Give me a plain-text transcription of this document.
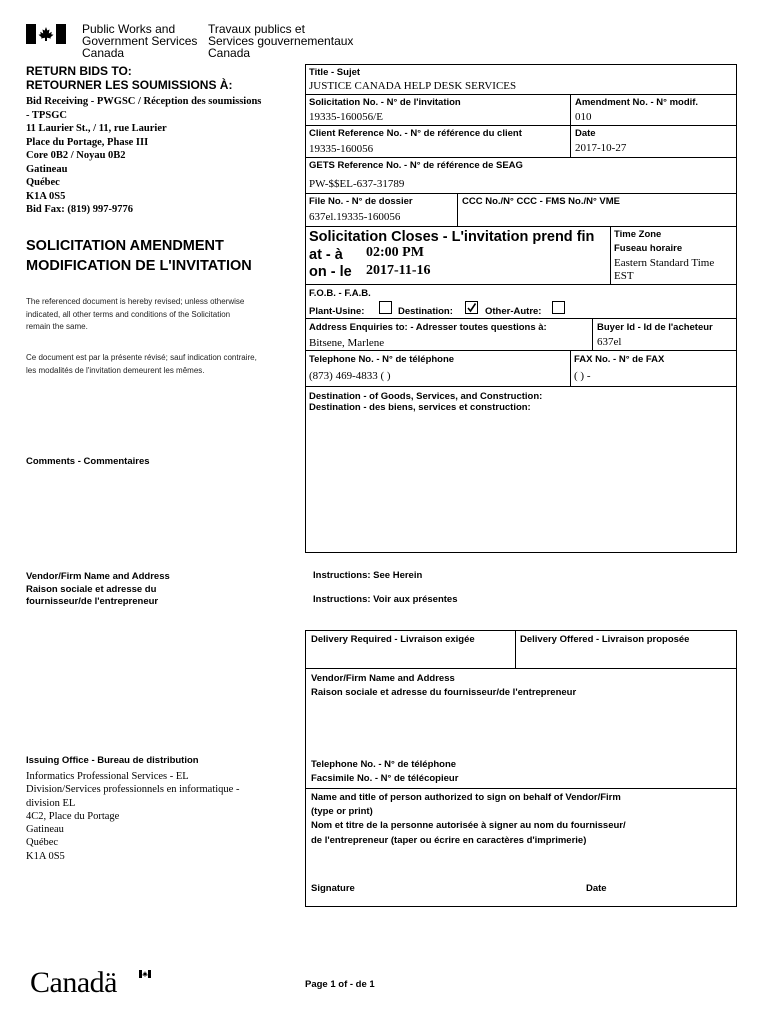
Public Works and
Government Services
Canada
Travaux publics et
Services gouvernementaux
Canada
RETURN BIDS TO:
RETOURNER LES SOUMISSIONS À:
Bid Receiving - PWGSC / Réception des soumissions
- TPSGC
11 Laurier St., / 11, rue Laurier
Place du Portage, Phase III
Core 0B2 / Noyau 0B2
Gatineau
Québec
K1A 0S5
Bid Fax: (819) 997-9776
SOLICITATION AMENDMENT
MODIFICATION DE L'INVITATION
The referenced document is hereby revised; unless otherwise
indicated, all other terms and conditions of the Solicitation
remain the same.
Ce document est par la présente révisé; sauf indication contraire,
les modalités de l'invitation demeurent les mêmes.
Comments - Commentaires
Vendor/Firm Name and Address
Raison sociale et adresse du
fournisseur/de l'entrepreneur
Issuing Office - Bureau de distribution
Informatics Professional Services - EL
Division/Services professionnels en informatique -
division EL
4C2, Place du Portage
Gatineau
Québec
K1A 0S5
Title - Sujet
JUSTICE CANADA HELP DESK SERVICES
Solicitation No. - N° de l'invitation
19335-160056/E
Amendment No. - N° modif.
010
Client Reference No. - N° de référence du client
19335-160056
Date
2017-10-27
GETS Reference No. - N° de référence de SEAG
PW-$$EL-637-31789
File No. - N° de dossier
637el.19335-160056
CCC No./N° CCC - FMS No./N° VME
Solicitation Closes - L'invitation prend fin
at - à 02:00 PM
on - le 2017-11-16
Time Zone
Fuseau horaire
Eastern Standard Time
EST
F.O.B. - F.A.B.
Plant-Usine:	Destination:	Other-Autre:
Address Enquiries to: - Adresser toutes questions à:
Bitsene, Marlene
Buyer Id - Id de l'acheteur
637el
Telephone No. - N° de téléphone
(873) 469-4833 ( )
FAX No. - N° de FAX
( ) -
Destination - of Goods, Services, and Construction:
Destination - des biens, services et construction:
Instructions: See Herein
Instructions: Voir aux présentes
Delivery Required - Livraison exigée	Delivery Offered - Livraison proposée
Vendor/Firm Name and Address
Raison sociale et adresse du fournisseur/de l'entrepreneur
Telephone No. - N° de téléphone
Facsimile No. - N° de télécopieur
Name and title of person authorized to sign on behalf of Vendor/Firm
(type or print)
Nom et titre de la personne autorisée à signer au nom du fournisseur/
de l'entrepreneur (taper ou écrire en caractères d'imprimerie)
Signature	Date
Canadä	Page 1 of - de 1
